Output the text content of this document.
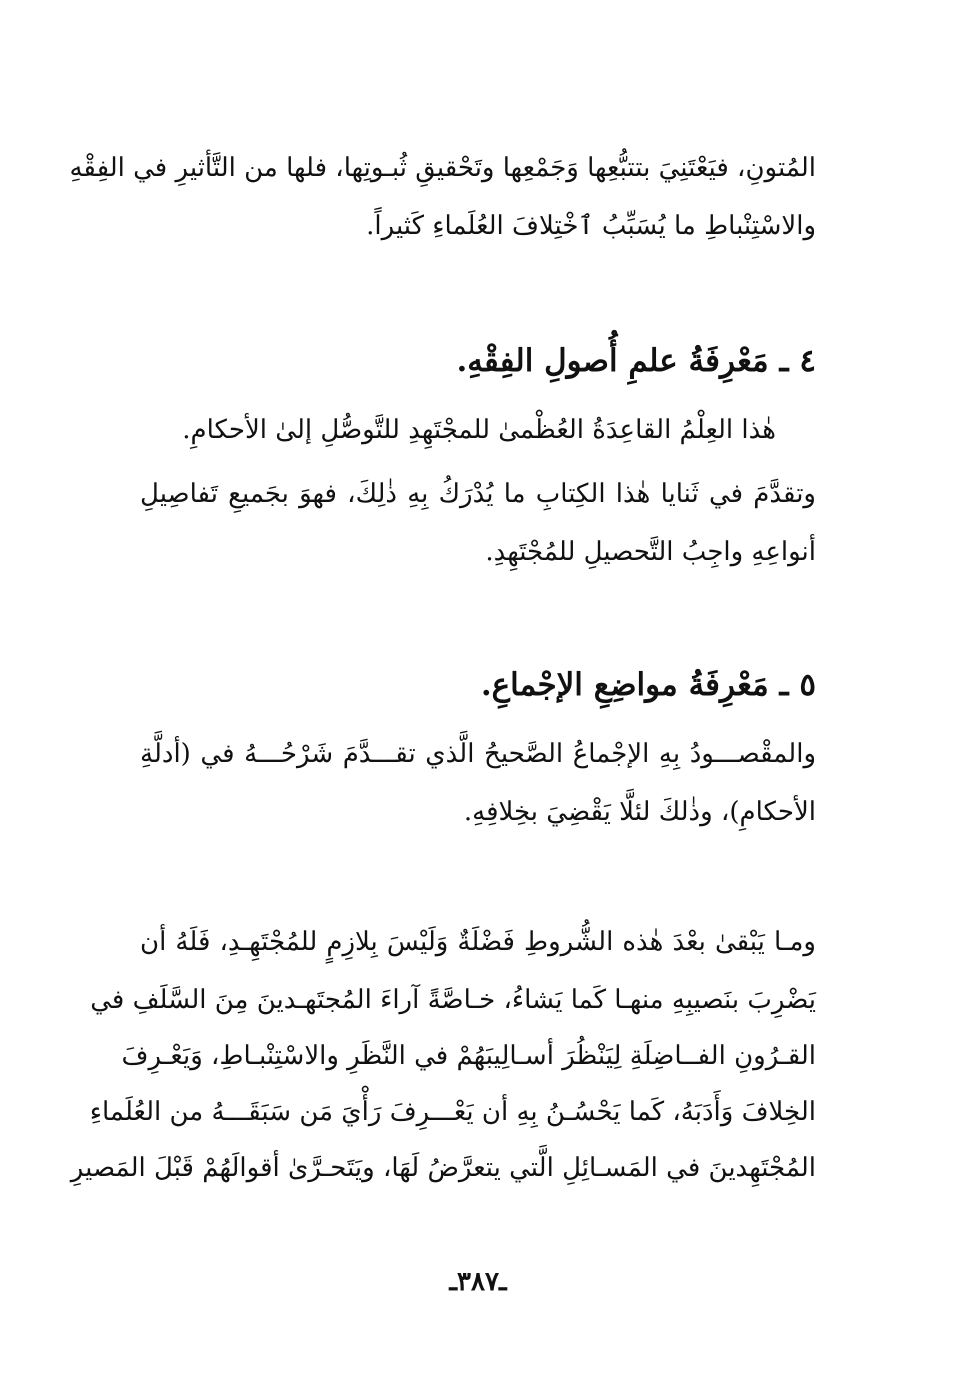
المُتونِ، فيَعْتَنِيَ بتتبُّعِها وَجَمْعِها وتَحْقيقِ ثُبـوتِها، فلها من التَّأثيرِ في الفِقْهِ
والاسْتِنْباطِ ما يُسَبِّبُ ٱخْتِلافَ العُلَماءِ كَثيراً.
٤ ـ مَعْرِفَةُ علمِ أُصولِ الفِقْهِ.
هٰذا العِلْمُ القاعِدَةُ العُظْمىٰ للمجْتَهِدِ للتَّوصُّلِ إلىٰ الأحكامِ.
وتقدَّمَ في ثَنايا هٰذا الكِتابِ ما يُدْرَكُ بِهِ ذٰلِكَ، فهوَ بجَميعِ تَفاصِيلِ
أنواعِهِ واجِبُ التَّحصيلِ للمُجْتَهِدِ.
٥ ـ مَعْرِفَةُ مواضِعِ الإجْماعِ.
والمقْصـــودُ بِهِ الإجْماعُ الصَّحيحُ الَّذي تقـــدَّمَ شَرْحُـــهُ في (أدلَّةِ
الأحكامِ)، وذٰلكَ لئلَّا يَقْضِيَ بخِلافِهِ.
ومـا يَبْقىٰ بعْدَ هٰذه الشُّروطِ فَضْلَةٌ وَلَيْسَ بِلازِمٍ للمُجْتَهِـدِ، فَلَهُ أن
يَضْرِبَ بنَصيبِهِ منهـا كَما يَشاءُ، خـاصَّةً آراءَ المُجتَهـدينَ مِنَ السَّلَفِ في
القـرُونِ الفــاضِلَةِ لِيَنْظُرَ أسـالِيبَهُمْ في النَّظَرِ والاسْتِنْبـاطِ، وَيَعْـرِفَ
الخِلافَ وَأَدَبَهُ، كَما يَحْسُـنُ بِهِ أن يَعْـــرِفَ رَأْيَ مَن سَبَقَـــهُ من العُلَماءِ
المُجْتَهِدينَ في المَسـائِلِ الَّتي يتعرَّضُ لَهَا، ويَتَحـرَّىٰ أقوالَهُمْ قَبْلَ المَصيرِ
ـ٣٨٧ـ
